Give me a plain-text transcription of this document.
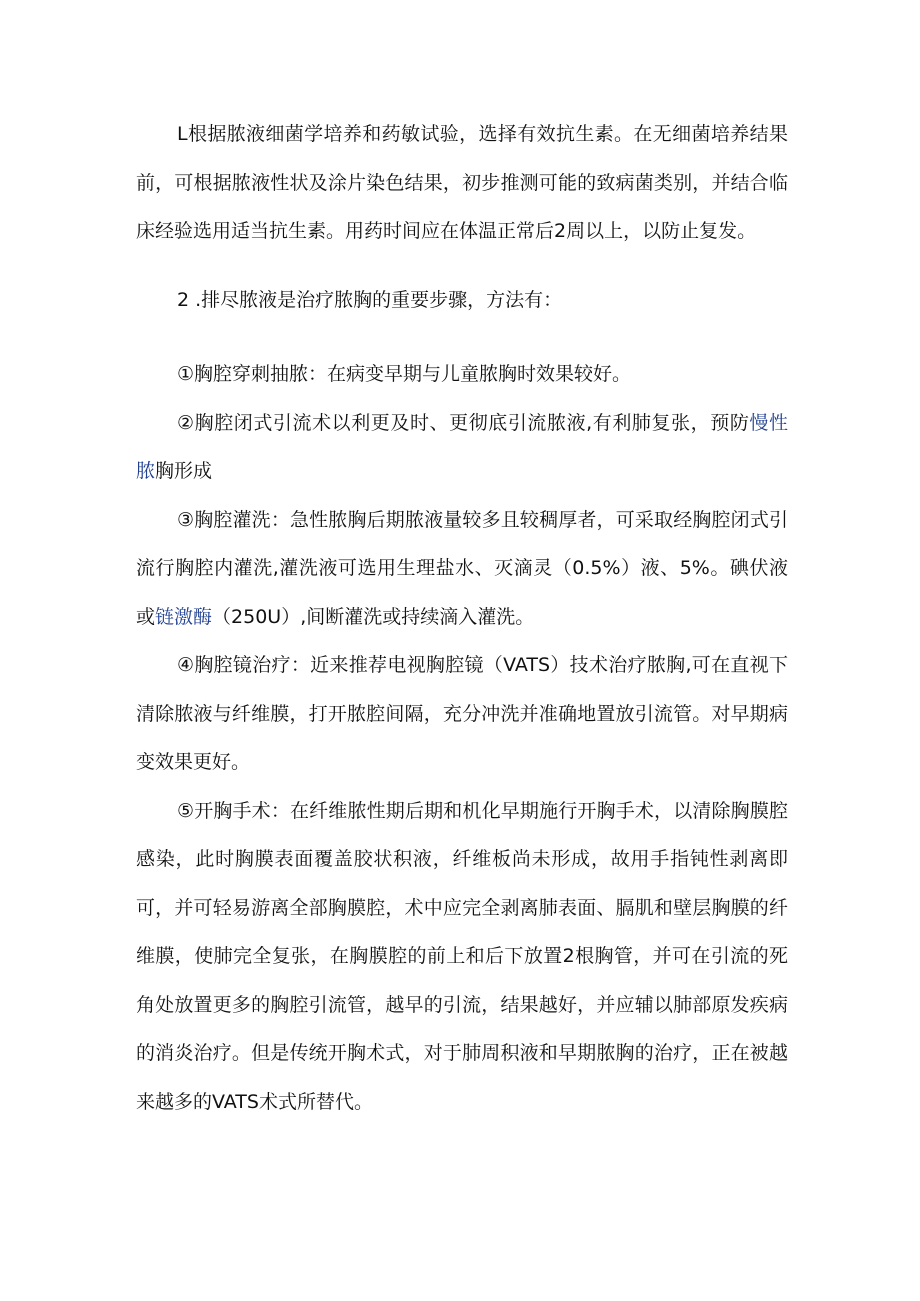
L根据脓液细菌学培养和药敏试验，选择有效抗生素。在无细菌培养结果前，可根据脓液性状及涂片染色结果，初步推测可能的致病菌类别，并结合临床经验选用适当抗生素。用药时间应在体温正常后2周以上，以防止复发。

2 .排尽脓液是治疗脓胸的重要步骤，方法有：

①胸腔穿刺抽脓：在病变早期与儿童脓胸时效果较好。

②胸腔闭式引流术以利更及时、更彻底引流脓液,有利肺复张，预防慢性脓胸形成

③胸腔灌洗：急性脓胸后期脓液量较多且较稠厚者，可采取经胸腔闭式引流行胸腔内灌洗,灌洗液可选用生理盐水、灭滴灵（0.5%）液、5%。碘伏液或链激酶（250U）,间断灌洗或持续滴入灌洗。

④胸腔镜治疗：近来推荐电视胸腔镜（VATS）技术治疗脓胸,可在直视下清除脓液与纤维膜，打开脓腔间隔，充分冲洗并准确地置放引流管。对早期病变效果更好。

⑤开胸手术：在纤维脓性期后期和机化早期施行开胸手术，以清除胸膜腔感染，此时胸膜表面覆盖胶状积液，纤维板尚未形成，故用手指钝性剥离即可，并可轻易游离全部胸膜腔，术中应完全剥离肺表面、膈肌和壁层胸膜的纤维膜，使肺完全复张，在胸膜腔的前上和后下放置2根胸管，并可在引流的死角处放置更多的胸腔引流管，越早的引流，结果越好，并应辅以肺部原发疾病的消炎治疗。但是传统开胸术式，对于肺周积液和早期脓胸的治疗，正在被越来越多的VATS术式所替代。
